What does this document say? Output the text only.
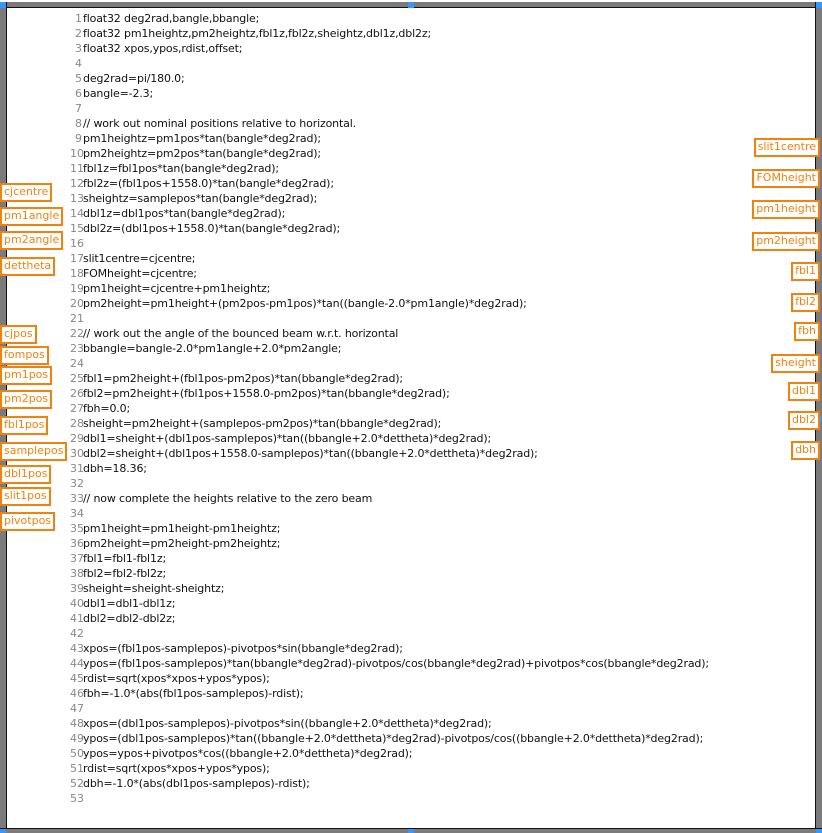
1 float32 deg2rad,bangle,bbangle;
2 float32 pm1heightz,pm2heightz,fbl1z,fbl2z,sheightz,dbl1z,dbl2z;
3 float32 xpos,ypos,rdist,offset;
4
5 deg2rad=pi/180.0;
6 bangle=-2.3;
7
8 // work out nominal positions relative to horizontal.
9 pm1heightz=pm1pos*tan(bangle*deg2rad);
10 pm2heightz=pm2pos*tan(bangle*deg2rad);
11 fbl1z=fbl1pos*tan(bangle*deg2rad);
12 fbl2z=(fbl1pos+1558.0)*tan(bangle*deg2rad);
13 sheightz=samplepos*tan(bangle*deg2rad);
14 dbl1z=dbl1pos*tan(bangle*deg2rad);
15 dbl2z=(dbl1pos+1558.0)*tan(bangle*deg2rad);
16
17 slit1centre=cjcentre;
18 FOMheight=cjcentre;
19 pm1height=cjcentre+pm1heightz;
20 pm2height=pm1height+(pm2pos-pm1pos)*tan((bangle-2.0*pm1angle)*deg2rad);
21
22 // work out the angle of the bounced beam w.r.t. horizontal
23 bbangle=bangle-2.0*pm1angle+2.0*pm2angle;
24
25 fbl1=pm2height+(fbl1pos-pm2pos)*tan(bbangle*deg2rad);
26 fbl2=pm2height+(fbl1pos+1558.0-pm2pos)*tan(bbangle*deg2rad);
27 fbh=0.0;
28 sheight=pm2height+(samplepos-pm2pos)*tan(bbangle*deg2rad);
29 dbl1=sheight+(dbl1pos-samplepos)*tan((bbangle+2.0*dettheta)*deg2rad);
30 dbl2=sheight+(dbl1pos+1558.0-samplepos)*tan((bbangle+2.0*dettheta)*deg2rad);
31 dbh=18.36;
32
33 // now complete the heights relative to the zero beam
34
35 pm1height=pm1height-pm1heightz;
36 pm2height=pm2height-pm2heightz;
37 fbl1=fbl1-fbl1z;
38 fbl2=fbl2-fbl2z;
39 sheight=sheight-sheightz;
40 dbl1=dbl1-dbl1z;
41 dbl2=dbl2-dbl2z;
42
43 xpos=(fbl1pos-samplepos)-pivotpos*sin(bbangle*deg2rad);
44 ypos=(fbl1pos-samplepos)*tan(bbangle*deg2rad)-pivotpos/cos(bbangle*deg2rad)+pivotpos*cos(bbangle*deg2rad);
45 rdist=sqrt(xpos*xpos+ypos*ypos);
46 fbh=-1.0*(abs(fbl1pos-samplepos)-rdist);
47
48 xpos=(dbl1pos-samplepos)-pivotpos*sin((bbangle+2.0*dettheta)*deg2rad);
49 ypos=(dbl1pos-samplepos)*tan((bbangle+2.0*dettheta)*deg2rad)-pivotpos/cos((bbangle+2.0*dettheta)*deg2rad);
50 ypos=ypos+pivotpos*cos((bbangle+2.0*dettheta)*deg2rad);
51 rdist=sqrt(xpos*xpos+ypos*ypos);
52 dbh=-1.0*(abs(dbl1pos-samplepos)-rdist);
53
cjcentre
pm1angle
pm2angle
dettheta
cjpos
fompos
pm1pos
pm2pos
fbl1pos
samplepos
dbl1pos
slit1pos
pivotpos
slit1centre
FOMheight
pm1height
pm2height
fbl1
fbl2
fbh
sheight
dbl1
dbl2
dbh
